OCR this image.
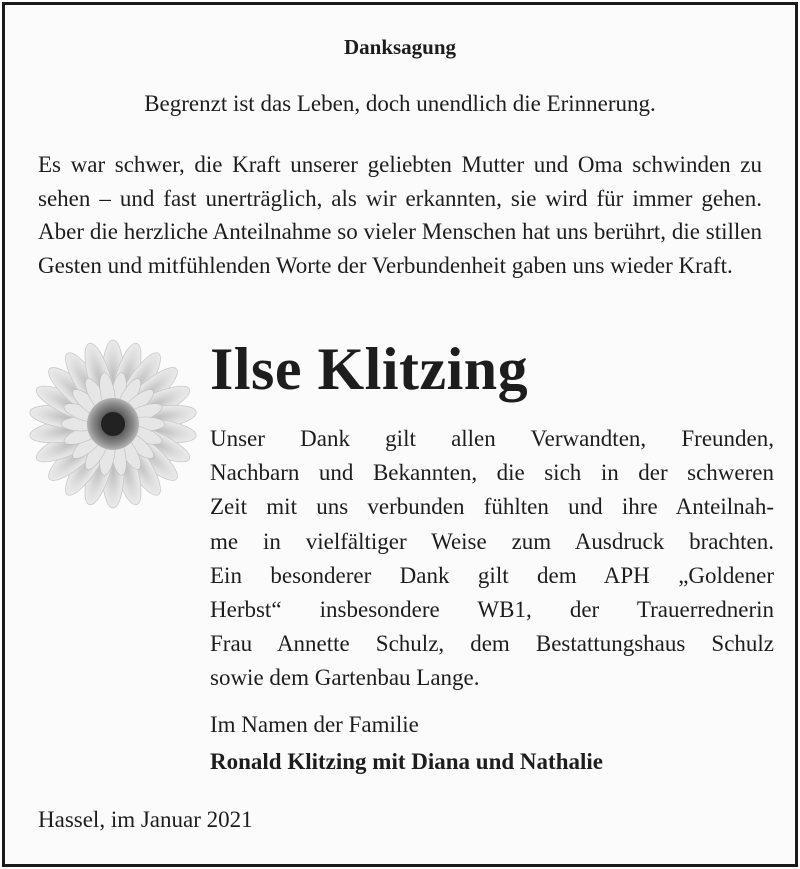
Danksagung
Begrenzt ist das Leben, doch unendlich die Erinnerung.
Es war schwer, die Kraft unserer geliebten Mutter und Oma schwinden zu sehen – und fast unerträglich, als wir erkannten, sie wird für immer gehen. Aber die herzliche Anteilnahme so vieler Menschen hat uns berührt, die stillen Gesten und mitfühlenden Worte der Verbundenheit gaben uns wieder Kraft.
Ilse Klitzing
Unser Dank gilt allen Verwandten, Freunden,
Nachbarn und Bekannten, die sich in der schweren
Zeit mit uns verbunden fühlten und ihre Anteilnah-
me in vielfältiger Weise zum Ausdruck brachten.
Ein besonderer Dank gilt dem APH „Goldener
Herbst“ insbesondere WB1, der Trauerrednerin
Frau Annette Schulz, dem Bestattungshaus Schulz
sowie dem Gartenbau Lange.
Im Namen der Familie
Ronald Klitzing mit Diana und Nathalie
Hassel, im Januar 2021
